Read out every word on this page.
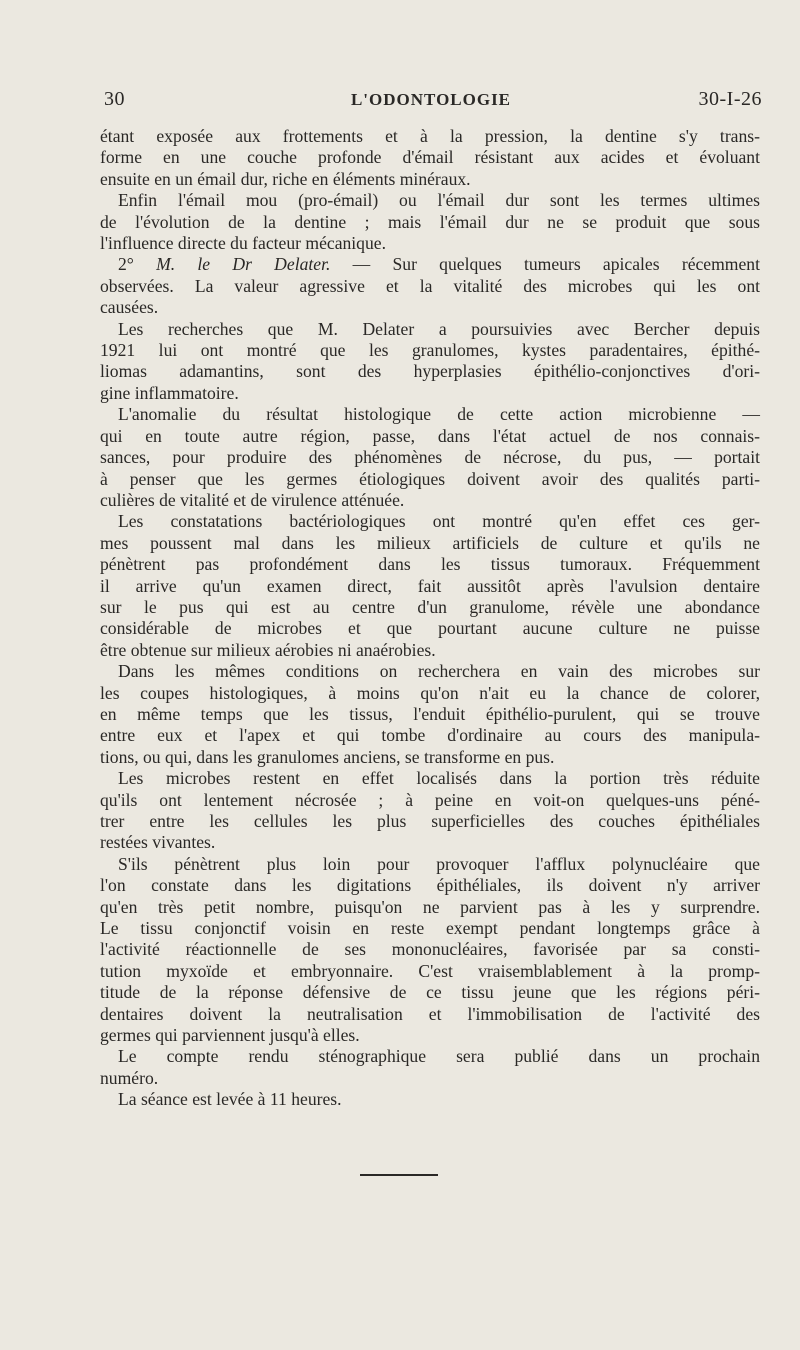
30	L'ODONTOLOGIE	30-I-26
étant exposée aux frottements et à la pression, la dentine s'y trans-
forme en une couche profonde d'émail résistant aux acides et évoluant
ensuite en un émail dur, riche en éléments minéraux.
Enfin l'émail mou (pro-émail) ou l'émail dur sont les termes ultimes
de l'évolution de la dentine ; mais l'émail dur ne se produit que sous
l'influence directe du facteur mécanique.
2° M. le Dr Delater. — Sur quelques tumeurs apicales récemment
observées. La valeur agressive et la vitalité des microbes qui les ont
causées.
Les recherches que M. Delater a poursuivies avec Bercher depuis
1921 lui ont montré que les granulomes, kystes paradentaires, épithé-
liomas adamantins, sont des hyperplasies épithélio-conjonctives d'ori-
gine inflammatoire.
L'anomalie du résultat histologique de cette action microbienne —
qui en toute autre région, passe, dans l'état actuel de nos connais-
sances, pour produire des phénomènes de nécrose, du pus, — portait
à penser que les germes étiologiques doivent avoir des qualités parti-
culières de vitalité et de virulence atténuée.
Les constatations bactériologiques ont montré qu'en effet ces ger-
mes poussent mal dans les milieux artificiels de culture et qu'ils ne
pénètrent pas profondément dans les tissus tumoraux. Fréquemment
il arrive qu'un examen direct, fait aussitôt après l'avulsion dentaire
sur le pus qui est au centre d'un granulome, révèle une abondance
considérable de microbes et que pourtant aucune culture ne puisse
être obtenue sur milieux aérobies ni anaérobies.
Dans les mêmes conditions on recherchera en vain des microbes sur
les coupes histologiques, à moins qu'on n'ait eu la chance de colorer,
en même temps que les tissus, l'enduit épithélio-purulent, qui se trouve
entre eux et l'apex et qui tombe d'ordinaire au cours des manipula-
tions, ou qui, dans les granulomes anciens, se transforme en pus.
Les microbes restent en effet localisés dans la portion très réduite
qu'ils ont lentement nécrosée ; à peine en voit-on quelques-uns péné-
trer entre les cellules les plus superficielles des couches épithéliales
restées vivantes.
S'ils pénètrent plus loin pour provoquer l'afflux polynucléaire que
l'on constate dans les digitations épithéliales, ils doivent n'y arriver
qu'en très petit nombre, puisqu'on ne parvient pas à les y surprendre.
Le tissu conjonctif voisin en reste exempt pendant longtemps grâce à
l'activité réactionnelle de ses mononucléaires, favorisée par sa consti-
tution myxoïde et embryonnaire. C'est vraisemblablement à la promp-
titude de la réponse défensive de ce tissu jeune que les régions péri-
dentaires doivent la neutralisation et l'immobilisation de l'activité des
germes qui parviennent jusqu'à elles.
Le compte rendu sténographique sera publié dans un prochain
numéro.
La séance est levée à 11 heures.
